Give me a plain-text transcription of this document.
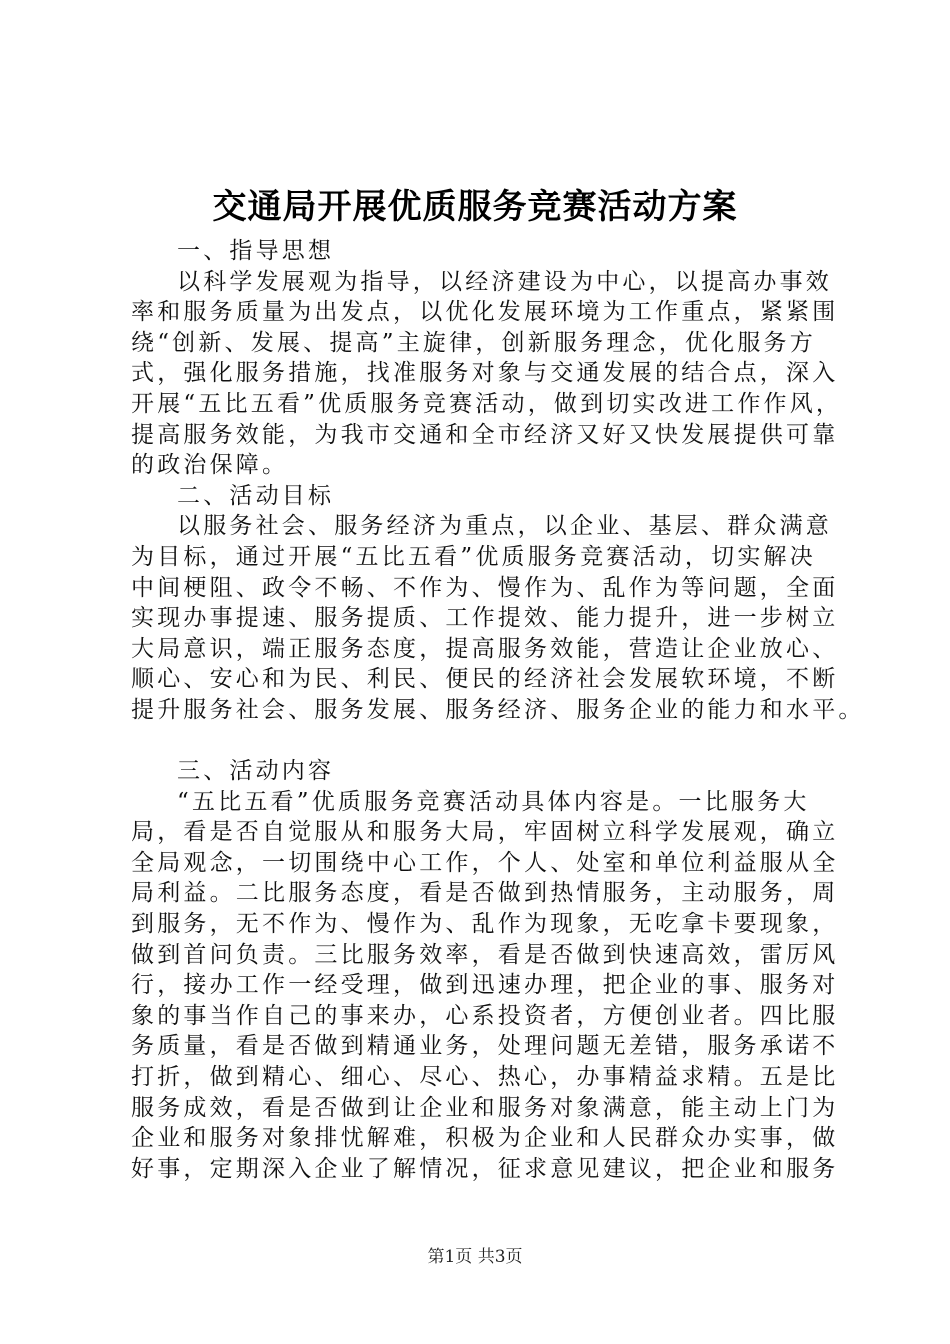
交通局开展优质服务竞赛活动方案
一、指导思想
以科学发展观为指导，以经济建设为中心，以提高办事效
率和服务质量为出发点，以优化发展环境为工作重点，紧紧围
绕“创新、发展、提高”主旋律，创新服务理念，优化服务方
式，强化服务措施，找准服务对象与交通发展的结合点，深入
开展“五比五看”优质服务竞赛活动，做到切实改进工作作风，
提高服务效能，为我市交通和全市经济又好又快发展提供可靠
的政治保障。
二、活动目标
以服务社会、服务经济为重点，以企业、基层、群众满意
为目标，通过开展“五比五看”优质服务竞赛活动，切实解决
中间梗阻、政令不畅、不作为、慢作为、乱作为等问题，全面
实现办事提速、服务提质、工作提效、能力提升，进一步树立
大局意识，端正服务态度，提高服务效能，营造让企业放心、
顺心、安心和为民、利民、便民的经济社会发展软环境，不断
提升服务社会、服务发展、服务经济、服务企业的能力和水平。
三、活动内容
“五比五看”优质服务竞赛活动具体内容是。一比服务大
局，看是否自觉服从和服务大局，牢固树立科学发展观，确立
全局观念，一切围绕中心工作，个人、处室和单位利益服从全
局利益。二比服务态度，看是否做到热情服务，主动服务，周
到服务，无不作为、慢作为、乱作为现象，无吃拿卡要现象，
做到首问负责。三比服务效率，看是否做到快速高效，雷厉风
行，接办工作一经受理，做到迅速办理，把企业的事、服务对
象的事当作自己的事来办，心系投资者，方便创业者。四比服
务质量，看是否做到精通业务，处理问题无差错，服务承诺不
打折，做到精心、细心、尽心、热心，办事精益求精。五是比
服务成效，看是否做到让企业和服务对象满意，能主动上门为
企业和服务对象排忧解难，积极为企业和人民群众办实事，做
好事，定期深入企业了解情况，征求意见建议，把企业和服务
第1页 共3页
